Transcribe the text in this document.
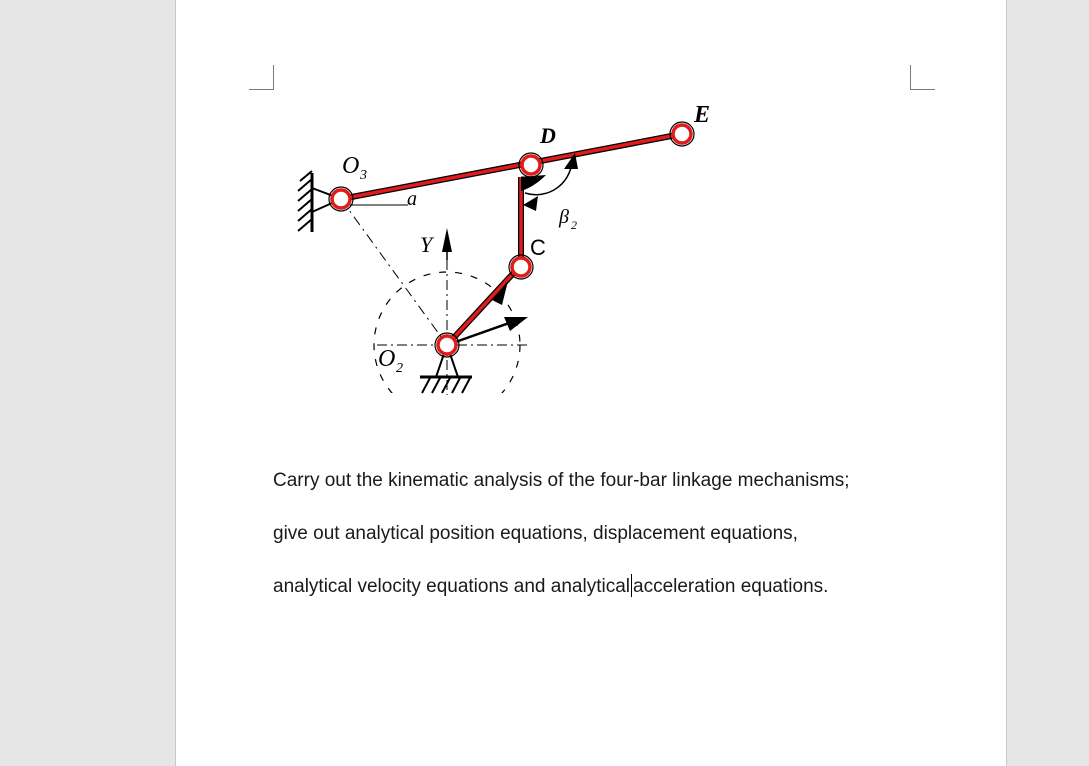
O 3
a
Y
D
E
C
β 2
O 2

Carry out the kinematic analysis of the four-bar linkage mechanisms;

give out analytical position equations, displacement equations,

analytical velocity equations and analytical acceleration equations.
